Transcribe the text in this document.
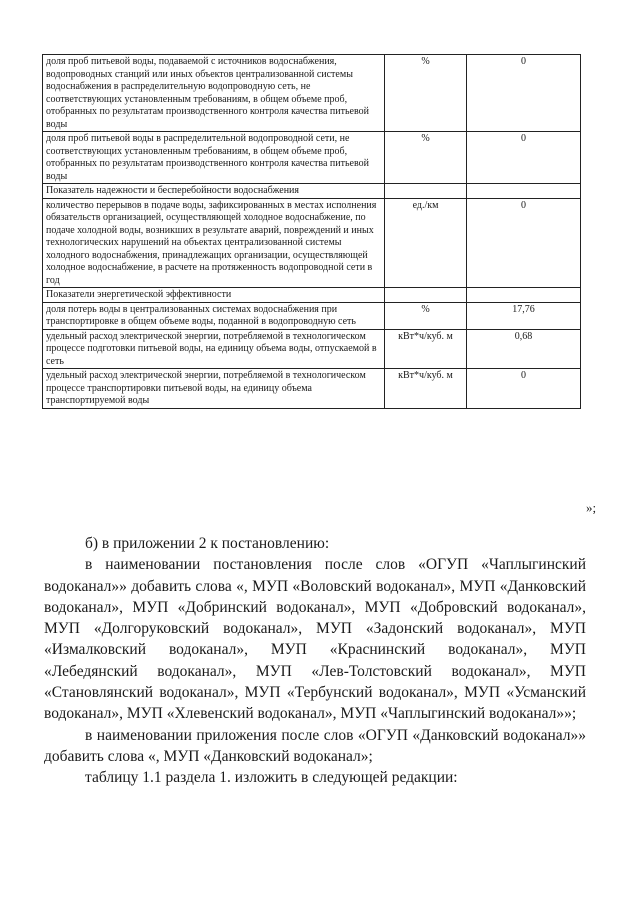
доля проб питьевой воды, подаваемой с источников водоснабжения, водопроводных станций или иных объектов централизованной системы водоснабжения в распределительную водопроводную сеть, не соответствующих установленным требованиям, в общем объеме проб, отобранных по результатам производственного контроля качества питьевой воды	%	0
доля проб питьевой воды в распределительной водопроводной сети, не соответствующих установленным требованиям, в общем объеме проб, отобранных по результатам производственного контроля качества питьевой воды	%	0
Показатель надежности и бесперебойности водоснабжения		
количество перерывов в подаче воды, зафиксированных в местах исполнения обязательств организацией, осуществляющей холодное водоснабжение, по подаче холодной воды, возникших в результате аварий, повреждений и иных технологических нарушений на объектах централизованной системы холодного водоснабжения, принадлежащих организации, осуществляющей холодное водоснабжение, в расчете на протяженность водопроводной сети в год	ед./км	0
Показатели энергетической эффективности		
доля потерь воды в централизованных системах водоснабжения при транспортировке в общем объеме воды, поданной в водопроводную сеть	%	17,76
удельный расход электрической энергии, потребляемой в технологическом процессе подготовки питьевой воды, на единицу объема воды, отпускаемой в сеть	кВт*ч/куб. м	0,68
удельный расход электрической энергии, потребляемой в технологическом процессе транспортировки питьевой воды, на единицу объема транспортируемой воды	кВт*ч/куб. м	0
»;

б) в приложении 2 к постановлению:

в наименовании постановления после слов «ОГУП «Чаплыгинский водоканал»» добавить слова «, МУП «Воловский водоканал», МУП «Данковский водоканал», МУП «Добринский водоканал», МУП «Добровский водоканал», МУП «Долгоруковский водоканал», МУП «Задонский водоканал», МУП «Измалковский водоканал», МУП «Краснинский водоканал», МУП «Лебедянский водоканал», МУП «Лев-Толстовский водоканал», МУП «Становлянский водоканал», МУП «Тербунский водоканал», МУП «Усманский водоканал», МУП «Хлевенский водоканал», МУП «Чаплыгинский водоканал»»;

в наименовании приложения после слов «ОГУП «Данковский водоканал»» добавить слова «, МУП «Данковский водоканал»;

таблицу 1.1 раздела 1. изложить в следующей редакции:
